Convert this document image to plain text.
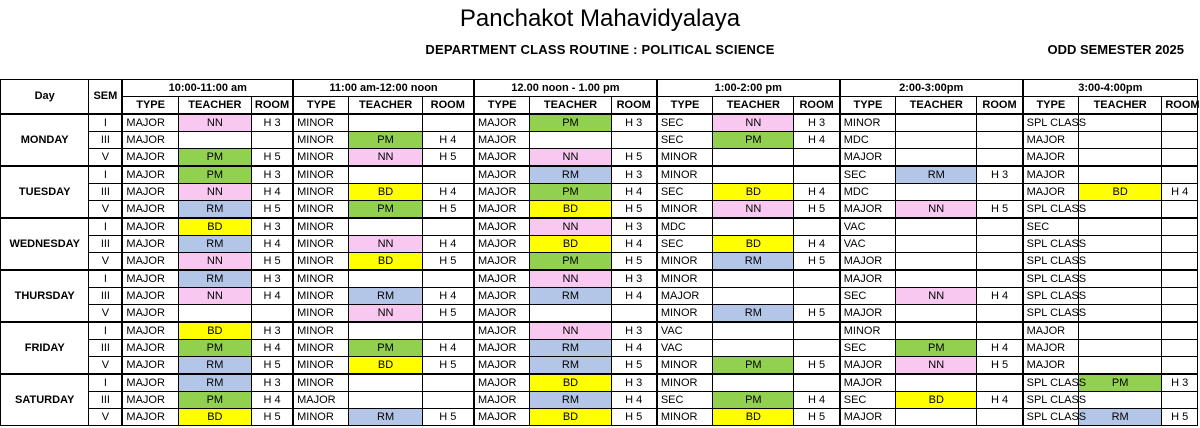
Panchakot Mahavidyalaya
DEPARTMENT CLASS ROUTINE : POLITICAL SCIENCE	ODD SEMESTER 2025
Day	SEM	10:00-11:00 am			11:00 am-12:00 noon			12.00 noon - 1.00 pm			1:00-2:00 pm			2:00-3:00pm			3:00-4:00pm		
		TYPE	TEACHER	ROOM	TYPE	TEACHER	ROOM	TYPE	TEACHER	ROOM	TYPE	TEACHER	ROOM	TYPE	TEACHER	ROOM	TYPE	TEACHER	ROOM
MONDAY	I	MAJOR	NN	H 3	MINOR			MAJOR	PM	H 3	SEC	NN	H 3	MINOR			SPL CLASS		
	III	MAJOR			MINOR	PM	H 4	MAJOR			SEC	PM	H 4	MDC			MAJOR		
	V	MAJOR	PM	H 5	MINOR	NN	H 5	MAJOR	NN	H 5	MINOR			MAJOR			MAJOR		
TUESDAY	I	MAJOR	PM	H 3	MINOR			MAJOR	RM	H 3	MINOR			SEC	RM	H 3	MAJOR		
	III	MAJOR	NN	H 4	MINOR	BD	H 4	MAJOR	PM	H 4	SEC	BD	H 4	MDC			MAJOR	BD	H 4
	V	MAJOR	RM	H 5	MINOR	PM	H 5	MAJOR	BD	H 5	MINOR	NN	H 5	MAJOR	NN	H 5	SPL CLASS		
WEDNESDAY	I	MAJOR	BD	H 3	MINOR			MAJOR	NN	H 3	MDC			VAC			SEC		
	III	MAJOR	RM	H 4	MINOR	NN	H 4	MAJOR	BD	H 4	SEC	BD	H 4	VAC			SPL CLASS		
	V	MAJOR	NN	H 5	MINOR	BD	H 5	MAJOR	PM	H 5	MINOR	RM	H 5	MAJOR			SPL CLASS		
THURSDAY	I	MAJOR	RM	H 3	MINOR			MAJOR	NN	H 3	MINOR			MAJOR			SPL CLASS		
	III	MAJOR	NN	H 4	MINOR	RM	H 4	MAJOR	RM	H 4	MAJOR			SEC	NN	H 4	SPL CLASS		
	V	MAJOR			MINOR	NN	H 5	MAJOR			MINOR	RM	H 5	MAJOR			SPL CLASS		
FRIDAY	I	MAJOR	BD	H 3	MINOR			MAJOR	NN	H 3	VAC			MINOR			MAJOR		
	III	MAJOR	PM	H 4	MINOR	PM	H 4	MAJOR	RM	H 4	VAC			SEC	PM	H 4	MAJOR		
	V	MAJOR	RM	H 5	MINOR	BD	H 5	MAJOR	RM	H 5	MINOR	PM	H 5	MAJOR	NN	H 5	MAJOR		
SATURDAY	I	MAJOR	RM	H 3	MINOR			MAJOR	BD	H 3	MINOR			MAJOR			SPL CLASS	PM	H 3
	III	MAJOR	PM	H 4	MAJOR			MAJOR	RM	H 4	SEC	PM	H 4	SEC	BD	H 4	SPL CLASS		
	V	MAJOR	BD	H 5	MINOR	RM	H 5	MAJOR	BD	H 5	MINOR	BD	H 5	MAJOR			SPL CLASS	RM	H 5
